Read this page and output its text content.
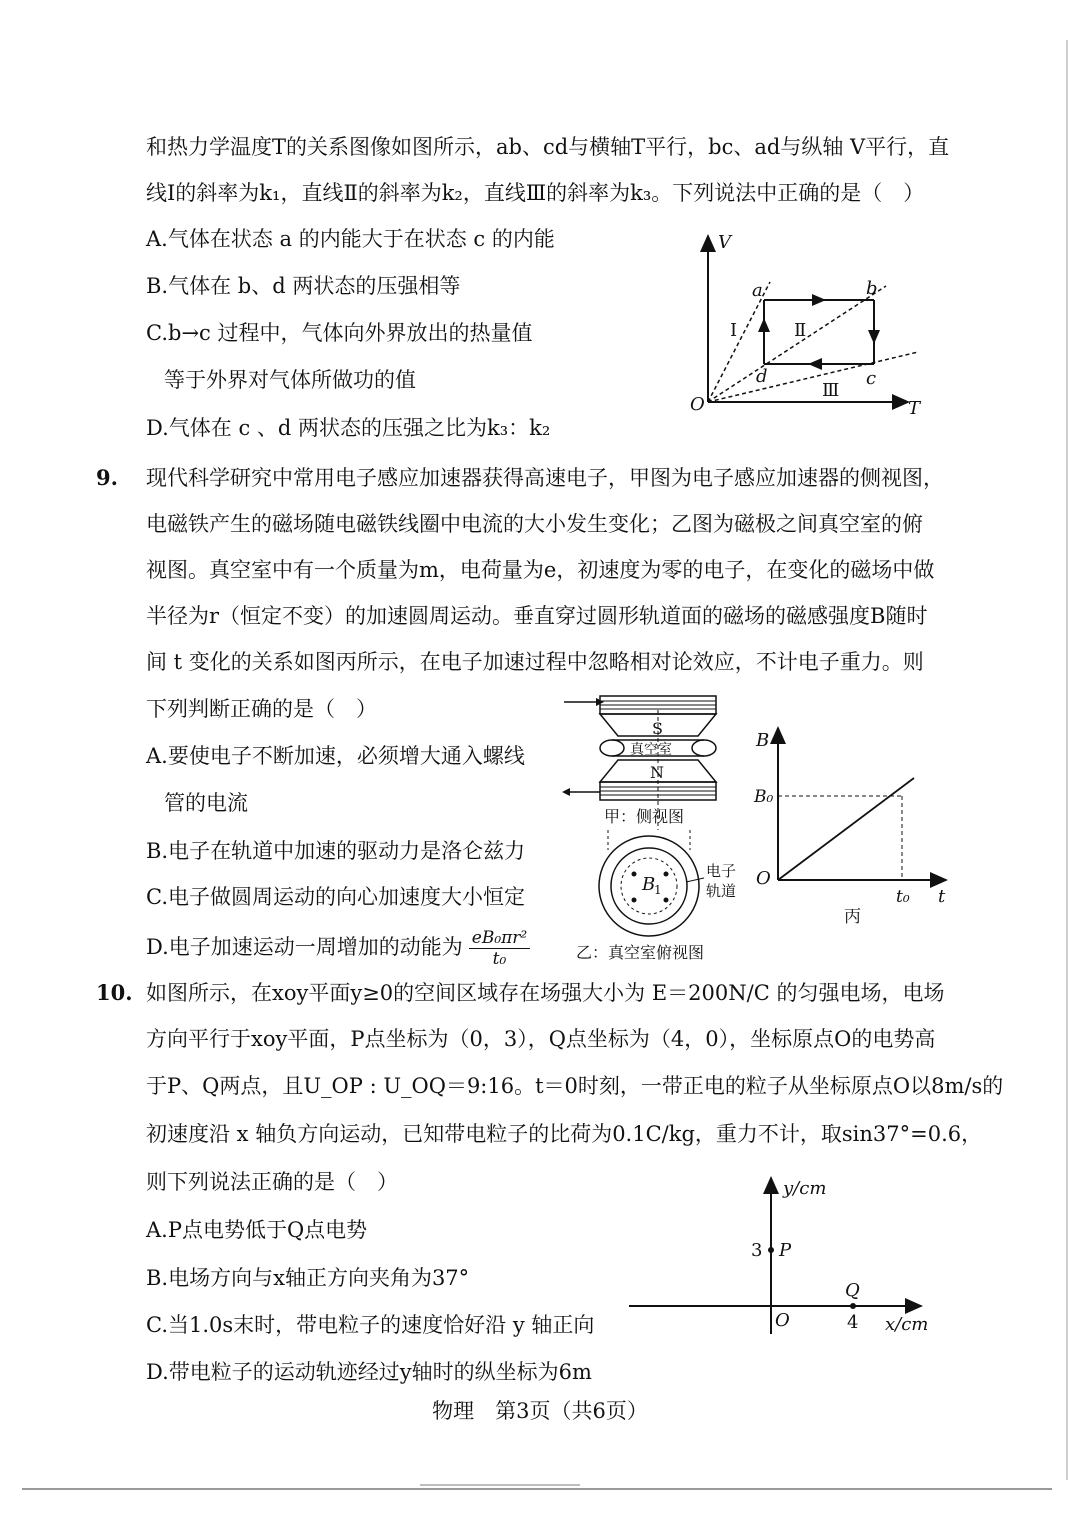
和热力学温度T的关系图像如图所示，ab、cd与横轴T平行，bc、ad与纵轴 V平行，直
线Ⅰ的斜率为k₁，直线Ⅱ的斜率为k₂，直线Ⅲ的斜率为k₃。下列说法中正确的是（　）
A.气体在状态 a 的内能大于在状态 c 的内能
B.气体在 b、d 两状态的压强相等
C.b→c 过程中，气体向外界放出的热量值
等于外界对气体所做功的值
D.气体在 c 、d 两状态的压强之比为k₃：k₂
V
T
O
a	b
c
d
Ⅰ	Ⅱ
Ⅲ
9. 现代科学研究中常用电子感应加速器获得高速电子，甲图为电子感应加速器的侧视图，
电磁铁产生的磁场随电磁铁线圈中电流的大小发生变化；乙图为磁极之间真空室的俯
视图。真空室中有一个质量为m，电荷量为e，初速度为零的电子，在变化的磁场中做
半径为r（恒定不变）的加速圆周运动。垂直穿过圆形轨道面的磁场的磁感强度B随时
间 t 变化的关系如图丙所示，在电子加速过程中忽略相对论效应，不计电子重力。则
下列判断正确的是（　）
A.要使电子不断加速，必须增大通入螺线
管的电流
B.电子在轨道中加速的驱动力是洛仑兹力
C.电子做圆周运动的向心加速度大小恒定
D.电子加速运动一周增加的动能为 $\frac{\text{eB₀πr²}}{\text{t₀}}$
S
真空室
N
甲：侧视图
B
1
电子
轨道
乙：真空室俯视图
B
t
O
B₀
t₀
丙
10. 如图所示，在xoy平面y≥0的空间区域存在场强大小为 E＝200N/C 的匀强电场，电场
方向平行于xoy平面，P点坐标为（0，3），Q点坐标为（4，0），坐标原点O的电势高
于P、Q两点，且U_OP : U_OQ＝9:16。t＝0时刻，一带正电的粒子从坐标原点O以8m/s的
初速度沿 x 轴负方向运动，已知带电粒子的比荷为0.1C/kg，重力不计，取sin37°=0.6，
则下列说法正确的是（　）
A.P点电势低于Q点电势
B.电场方向与x轴正方向夹角为37°
C.当1.0s末时，带电粒子的速度恰好沿 y 轴正向
D.带电粒子的运动轨迹经过y轴时的纵坐标为6m
y/cm
x/cm
O
3 P
Q
4
物理　第3页（共6页）
